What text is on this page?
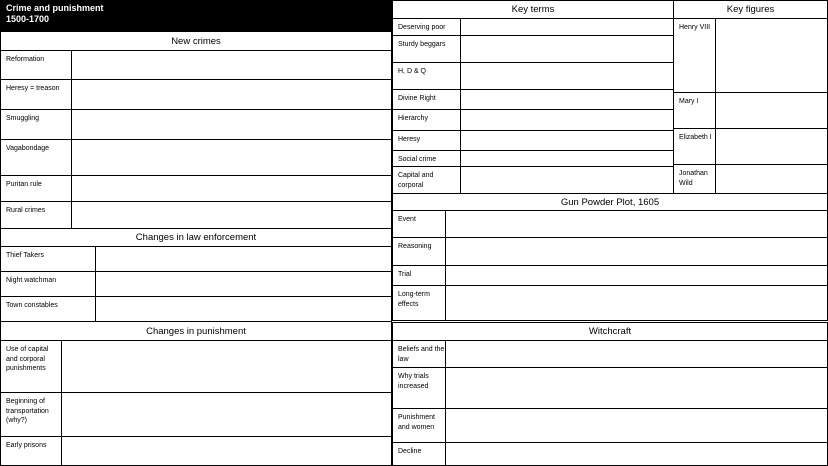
Crime and punishment
1500-1700
New crimes
Reformation
Heresy = treason
Smuggling
Vagabondage
Puritan rule
Rural crimes
Changes in law enforcement
Thief Takers
Night watchman
Town constables
Changes in punishment
Use of capital and corporal punishments
Beginning of transportation (why?)
Early prisons
Key terms
Deserving poor
Sturdy beggars
H, D & Q
Divine Right
Hierarchy
Heresy
Social crime
Capital and corporal
Key figures
Henry VIII
Mary I
Elizabeth I
Jonathan Wild
Gun Powder Plot, 1605
Event
Reasoning
Trial
Long-term effects
Witchcraft
Beliefs and the law
Why trials increased
Punishment and women
Decline
